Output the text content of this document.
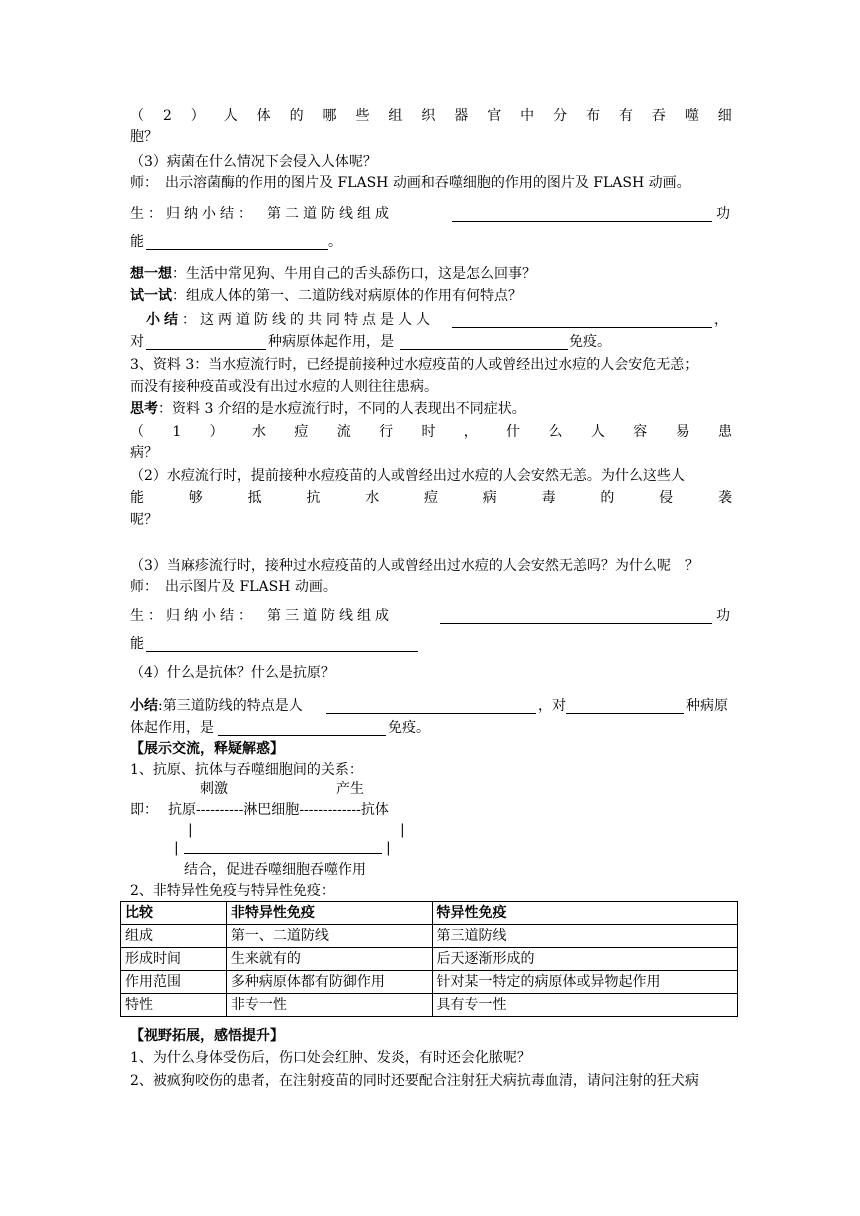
（ 2 ） 人 体 的 哪 些 组 织 器 官 中 分 布 有 吞 噬 细
胞？
（3）病菌在什么情况下会侵入人体呢？
师：　出示溶菌酶的作用的图片及 FLASH 动画和吞噬细胞的作用的图片及 FLASH 动画。
生：归纳小结：　第二道防线组成	功
能	。
想一想：生活中常见狗、牛用自己的舌头舔伤口，这是怎么回事？
试一试：组成人体的第一、二道防线对病原体的作用有何特点？
小结：这两道防线的共同特点是人人	，
对	种病原体起作用，是	免疫。
3、资料 3：当水痘流行时，已经提前接种过水痘疫苗的人或曾经出过水痘的人会安危无恙；
而没有接种疫苗或没有出过水痘的人则往往患病。
思考：资料 3 介绍的是水痘流行时，不同的人表现出不同症状。
（ 1 ） 水 痘 流 行 时 ， 什 么 人 容 易 患
病？
（2）水痘流行时，提前接种水痘疫苗的人或曾经出过水痘的人会安然无恙。为什么这些人
能	够	抵	抗	水	痘	病	毒	的	侵	袭
呢？
（3）当麻疹流行时，接种过水痘疫苗的人或曾经出过水痘的人会安然无恙吗？为什么呢　？
师：　出示图片及 FLASH 动画。
生：归纳小结：　第三道防线组成	功
能
（4）什么是抗体？什么是抗原？
小结:第三道防线的特点是人	，对	种病原
体起作用，是	免疫。
【展示交流，释疑解惑】
1、抗原、抗体与吞噬细胞间的关系：
刺激	产生
即： 抗原----------淋巴细胞-------------抗体
|	|
|	|
结合，促进吞噬细胞吞噬作用
2、非特异性免疫与特异性免疫：
比较	非特异性免疫	特异性免疫
组成	第一、二道防线	第三道防线
形成时间	生来就有的	后天逐渐形成的
作用范围	多种病原体都有防御作用	针对某一特定的病原体或异物起作用
特性	非专一性	具有专一性
【视野拓展，感悟提升】
1、为什么身体受伤后，伤口处会红肿、发炎，有时还会化脓呢？
2、被疯狗咬伤的患者，在注射疫苗的同时还要配合注射狂犬病抗毒血清，请问注射的狂犬病
